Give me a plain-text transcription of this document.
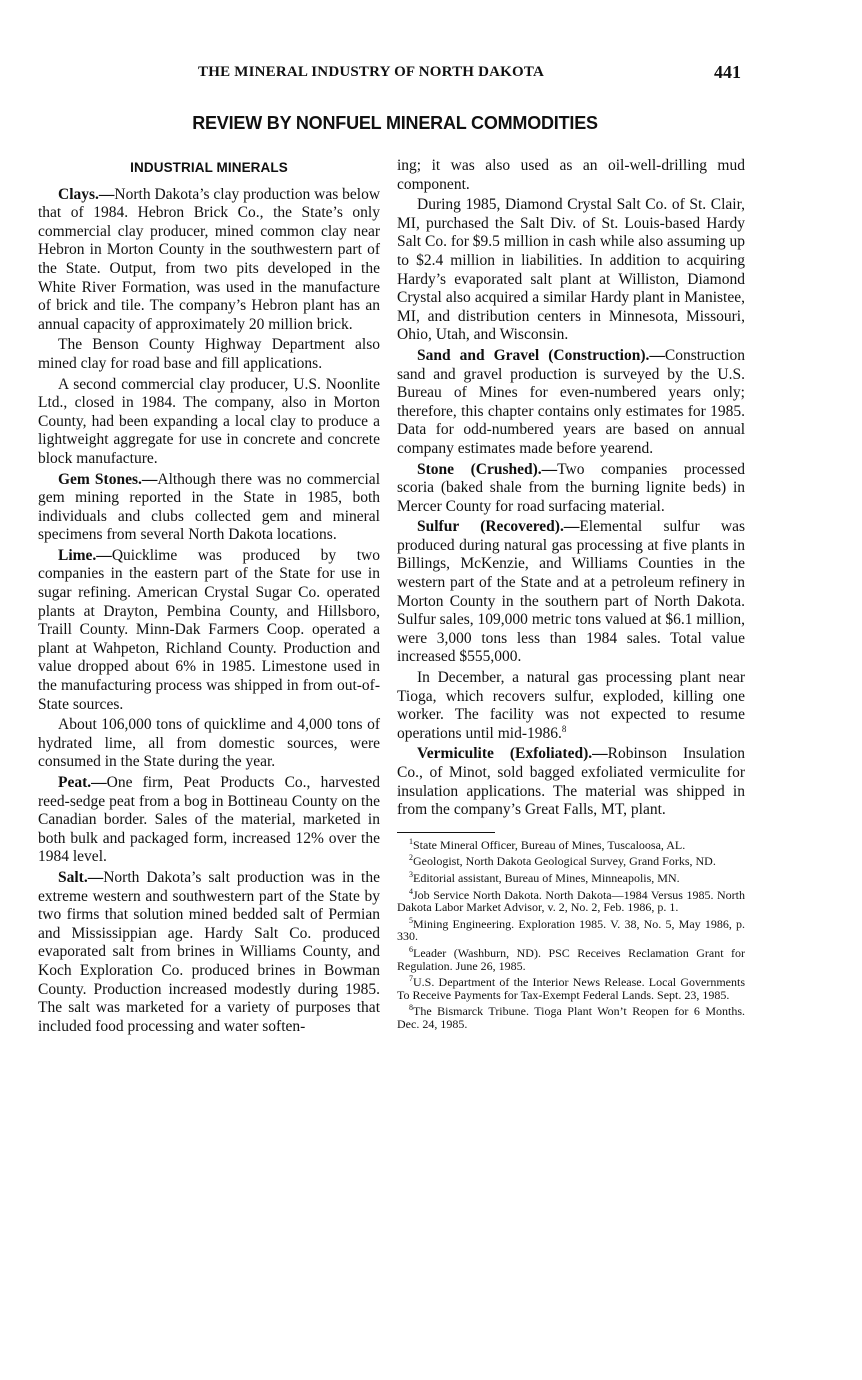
THE MINERAL INDUSTRY OF NORTH DAKOTA	441
REVIEW BY NONFUEL MINERAL COMMODITIES
INDUSTRIAL MINERALS

Clays.—North Dakota’s clay production was below that of 1984. Hebron Brick Co., the State’s only commercial clay producer, mined common clay near Hebron in Morton County in the southwestern part of the State. Output, from two pits developed in the White River Formation, was used in the manufacture of brick and tile. The company’s Hebron plant has an annual capacity of approximately 20 million brick.

The Benson County Highway Department also mined clay for road base and fill applications.

A second commercial clay producer, U.S. Noonlite Ltd., closed in 1984. The company, also in Morton County, had been expanding a local clay to produce a lightweight aggregate for use in concrete and concrete block manufacture.

Gem Stones.—Although there was no commercial gem mining reported in the State in 1985, both individuals and clubs collected gem and mineral specimens from several North Dakota locations.

Lime.—Quicklime was produced by two companies in the eastern part of the State for use in sugar refining. American Crystal Sugar Co. operated plants at Drayton, Pembina County, and Hillsboro, Traill County. Minn-Dak Farmers Coop. operated a plant at Wahpeton, Richland County. Production and value dropped about 6% in 1985. Limestone used in the manufacturing process was shipped in from out-of-State sources.

About 106,000 tons of quicklime and 4,000 tons of hydrated lime, all from domestic sources, were consumed in the State during the year.

Peat.—One firm, Peat Products Co., harvested reed-sedge peat from a bog in Bottineau County on the Canadian border. Sales of the material, marketed in both bulk and packaged form, increased 12% over the 1984 level.

Salt.—North Dakota’s salt production was in the extreme western and southwestern part of the State by two firms that solution mined bedded salt of Permian and Mississippian age. Hardy Salt Co. produced evaporated salt from brines in Williams County, and Koch Exploration Co. produced brines in Bowman County. Production increased modestly during 1985. The salt was marketed for a variety of purposes that included food processing and water soften-

ing; it was also used as an oil-well-drilling mud component.

During 1985, Diamond Crystal Salt Co. of St. Clair, MI, purchased the Salt Div. of St. Louis-based Hardy Salt Co. for $9.5 million in cash while also assuming up to $2.4 million in liabilities. In addition to acquiring Hardy’s evaporated salt plant at Williston, Diamond Crystal also acquired a similar Hardy plant in Manistee, MI, and distribution centers in Minnesota, Missouri, Ohio, Utah, and Wisconsin.

Sand and Gravel (Construction).—Construction sand and gravel production is surveyed by the U.S. Bureau of Mines for even-numbered years only; therefore, this chapter contains only estimates for 1985. Data for odd-numbered years are based on annual company estimates made before yearend.

Stone (Crushed).—Two companies processed scoria (baked shale from the burning lignite beds) in Mercer County for road surfacing material.

Sulfur (Recovered).—Elemental sulfur was produced during natural gas processing at five plants in Billings, McKenzie, and Williams Counties in the western part of the State and at a petroleum refinery in Morton County in the southern part of North Dakota. Sulfur sales, 109,000 metric tons valued at $6.1 million, were 3,000 tons less than 1984 sales. Total value increased $555,000.

In December, a natural gas processing plant near Tioga, which recovers sulfur, exploded, killing one worker. The facility was not expected to resume operations until mid-1986.$^8$

Vermiculite (Exfoliated).—Robinson Insulation Co., of Minot, sold bagged exfoliated vermiculite for insulation applications. The material was shipped in from the company’s Great Falls, MT, plant.

$^1$State Mineral Officer, Bureau of Mines, Tuscaloosa, AL.

$^2$Geologist, North Dakota Geological Survey, Grand Forks, ND.

$^3$Editorial assistant, Bureau of Mines, Minneapolis, MN.

$^4$Job Service North Dakota. North Dakota—1984 Versus 1985. North Dakota Labor Market Advisor, v. 2, No. 2, Feb. 1986, p. 1.

$^5$Mining Engineering. Exploration 1985. V. 38, No. 5, May 1986, p. 330.

$^6$Leader (Washburn, ND). PSC Receives Reclamation Grant for Regulation. June 26, 1985.

$^7$U.S. Department of the Interior News Release. Local Governments To Receive Payments for Tax-Exempt Federal Lands. Sept. 23, 1985.

$^8$The Bismarck Tribune. Tioga Plant Won’t Reopen for 6 Months. Dec. 24, 1985.
